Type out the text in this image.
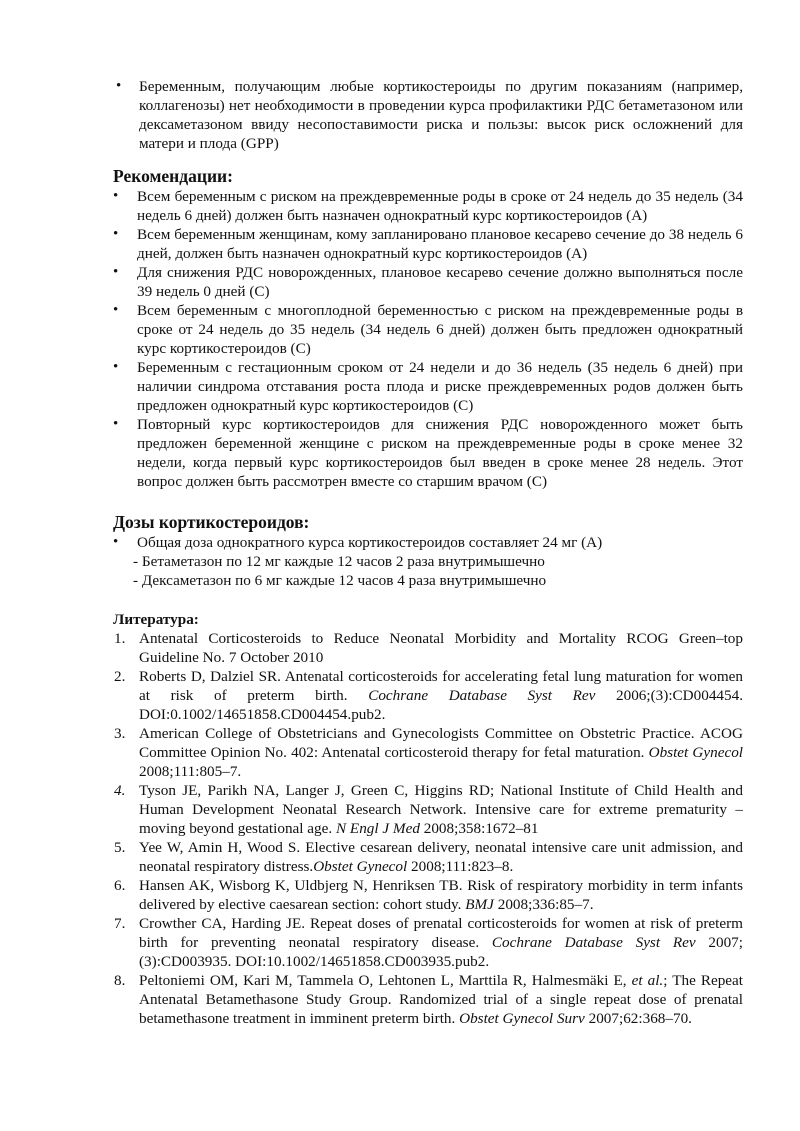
• Беременным, получающим любые кортикостероиды по другим показаниям (например, коллагенозы) нет необходимости в проведении курса профилактики РДС бетаметазоном или дексаметазоном ввиду несопоставимости риска и пользы: высок риск осложнений для матери и плода (GPP)

Рекомендации:

• Всем беременным с риском на преждевременные роды в сроке от 24 недель до 35 недель (34 недель 6 дней) должен быть назначен однократный курс кортикостероидов (А)

• Всем беременным женщинам, кому запланировано плановое кесарево сечение до 38 недель 6 дней, должен быть назначен однократный курс кортикостероидов (А)

• Для снижения РДС новорожденных, плановое кесарево сечение должно выполняться после 39 недель 0 дней (С)

• Всем беременным с многоплодной беременностью с риском на преждевременные роды в сроке от 24 недель до 35 недель (34 недель 6 дней) должен быть предложен однократный курс кортикостероидов (С)

• Беременным с гестационным сроком от 24 недели и до 36 недель (35 недель 6 дней) при наличии синдрома отставания роста плода и риске преждевременных родов должен быть предложен однократный курс кортикостероидов (С)

• Повторный курс кортикостероидов для снижения РДС новорожденного может быть предложен беременной женщине с риском на преждевременные роды в сроке менее 32 недели, когда первый курс кортикостероидов был введен в сроке менее 28 недель. Этот вопрос должен быть рассмотрен вместе со старшим врачом (С)

Дозы кортикостероидов:

• Общая доза однократного курса кортикостероидов составляет 24 мг (А)

- Бетаметазон по 12 мг каждые 12 часов 2 раза внутримышечно

- Дексаметазон по 6 мг каждые 12 часов 4 раза внутримышечно

Литература:

1. Antenatal Corticosteroids to Reduce Neonatal Morbidity and Mortality RCOG Green–top Guideline No. 7 October 2010
2. Roberts D, Dalziel SR. Antenatal corticosteroids for accelerating fetal lung maturation for women at risk of preterm birth. Cochrane Database Syst Rev 2006;(3):CD004454. DOI:0.1002/14651858.CD004454.pub2.
3. American College of Obstetricians and Gynecologists Committee on Obstetric Practice. ACOG Committee Opinion No. 402: Antenatal corticosteroid therapy for fetal maturation. Obstet Gynecol 2008;111:805–7.
4. Tyson JE, Parikh NA, Langer J, Green C, Higgins RD; National Institute of Child Health and Human Development Neonatal Research Network. Intensive care for extreme prematurity – moving beyond gestational age. N Engl J Med 2008;358:1672–81
5. Yee W, Amin H, Wood S. Elective cesarean delivery, neonatal intensive care unit admission, and neonatal respiratory distress.Obstet Gynecol 2008;111:823–8.
6. Hansen AK, Wisborg K, Uldbjerg N, Henriksen TB. Risk of respiratory morbidity in term infants delivered by elective caesarean section: cohort study. BMJ 2008;336:85–7.
7. Crowther CA, Harding JE. Repeat doses of prenatal corticosteroids for women at risk of preterm birth for preventing neonatal respiratory disease. Cochrane Database Syst Rev 2007;(3):CD003935. DOI:10.1002/14651858.CD003935.pub2.
8. Peltoniemi OM, Kari M, Tammela O, Lehtonen L, Marttila R, Halmesmäki E, et al.; The Repeat Antenatal Betamethasone Study Group. Randomized trial of a single repeat dose of prenatal betamethasone treatment in imminent preterm birth. Obstet Gynecol Surv 2007;62:368–70.
